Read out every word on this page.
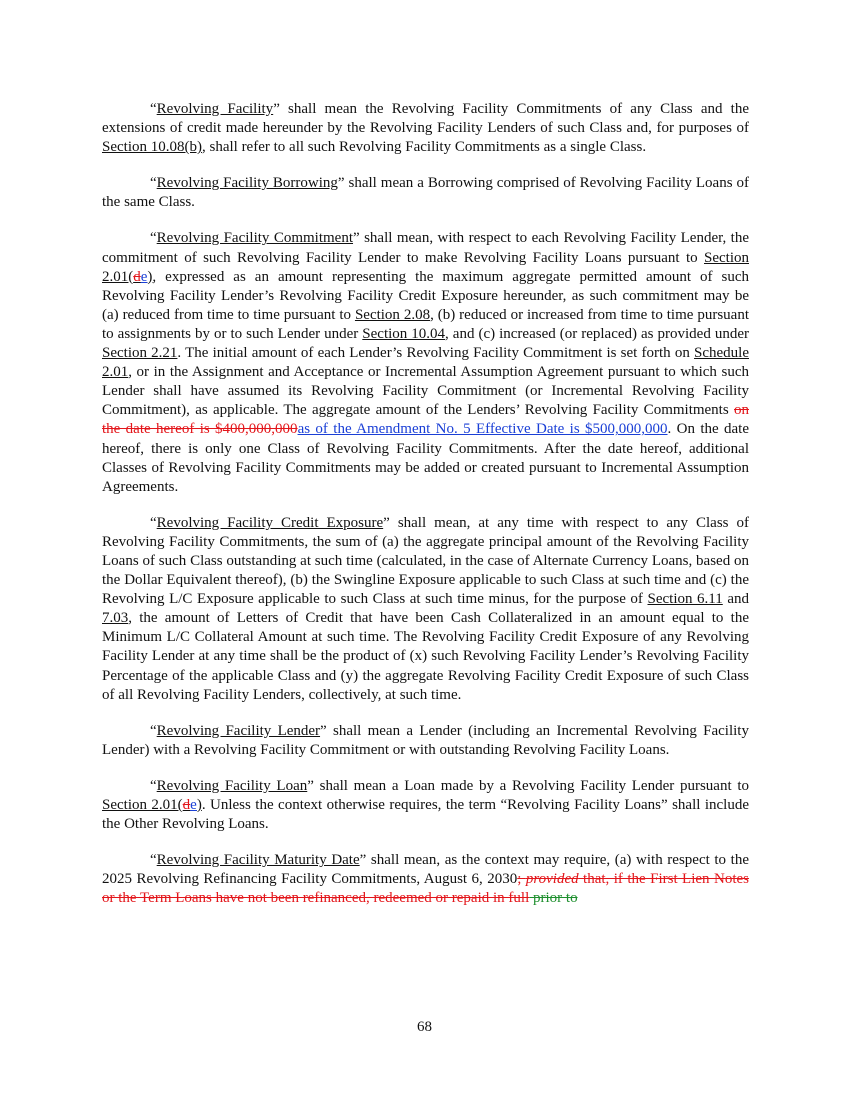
“Revolving Facility” shall mean the Revolving Facility Commitments of any Class and the extensions of credit made hereunder by the Revolving Facility Lenders of such Class and, for purposes of Section 10.08(b), shall refer to all such Revolving Facility Commitments as a single Class.

“Revolving Facility Borrowing” shall mean a Borrowing comprised of Revolving Facility Loans of the same Class.

“Revolving Facility Commitment” shall mean, with respect to each Revolving Facility Lender, the commitment of such Revolving Facility Lender to make Revolving Facility Loans pursuant to Section 2.01(de), expressed as an amount representing the maximum aggregate permitted amount of such Revolving Facility Lender’s Revolving Facility Credit Exposure hereunder, as such commitment may be (a) reduced from time to time pursuant to Section 2.08, (b) reduced or increased from time to time pursuant to assignments by or to such Lender under Section 10.04, and (c) increased (or replaced) as provided under Section 2.21. The initial amount of each Lender’s Revolving Facility Commitment is set forth on Schedule 2.01, or in the Assignment and Acceptance or Incremental Assumption Agreement pursuant to which such Lender shall have assumed its Revolving Facility Commitment (or Incremental Revolving Facility Commitment), as applicable. The aggregate amount of the Lenders’ Revolving Facility Commitments on the date hereof is $400,000,000as of the Amendment No. 5 Effective Date is $500,000,000. On the date hereof, there is only one Class of Revolving Facility Commitments. After the date hereof, additional Classes of Revolving Facility Commitments may be added or created pursuant to Incremental Assumption Agreements.

“Revolving Facility Credit Exposure” shall mean, at any time with respect to any Class of Revolving Facility Commitments, the sum of (a) the aggregate principal amount of the Revolving Facility Loans of such Class outstanding at such time (calculated, in the case of Alternate Currency Loans, based on the Dollar Equivalent thereof), (b) the Swingline Exposure applicable to such Class at such time and (c) the Revolving L/C Exposure applicable to such Class at such time minus, for the purpose of Section 6.11 and 7.03, the amount of Letters of Credit that have been Cash Collateralized in an amount equal to the Minimum L/C Collateral Amount at such time. The Revolving Facility Credit Exposure of any Revolving Facility Lender at any time shall be the product of (x) such Revolving Facility Lender’s Revolving Facility Percentage of the applicable Class and (y) the aggregate Revolving Facility Credit Exposure of such Class of all Revolving Facility Lenders, collectively, at such time.

“Revolving Facility Lender” shall mean a Lender (including an Incremental Revolving Facility Lender) with a Revolving Facility Commitment or with outstanding Revolving Facility Loans.

“Revolving Facility Loan” shall mean a Loan made by a Revolving Facility Lender pursuant to Section 2.01(de). Unless the context otherwise requires, the term “Revolving Facility Loans” shall include the Other Revolving Loans.

“Revolving Facility Maturity Date” shall mean, as the context may require, (a) with respect to the 2025 Revolving Refinancing Facility Commitments, August 6, 2030; provided that, if the First Lien Notes or the Term Loans have not been refinanced, redeemed or repaid in full prior to

68
